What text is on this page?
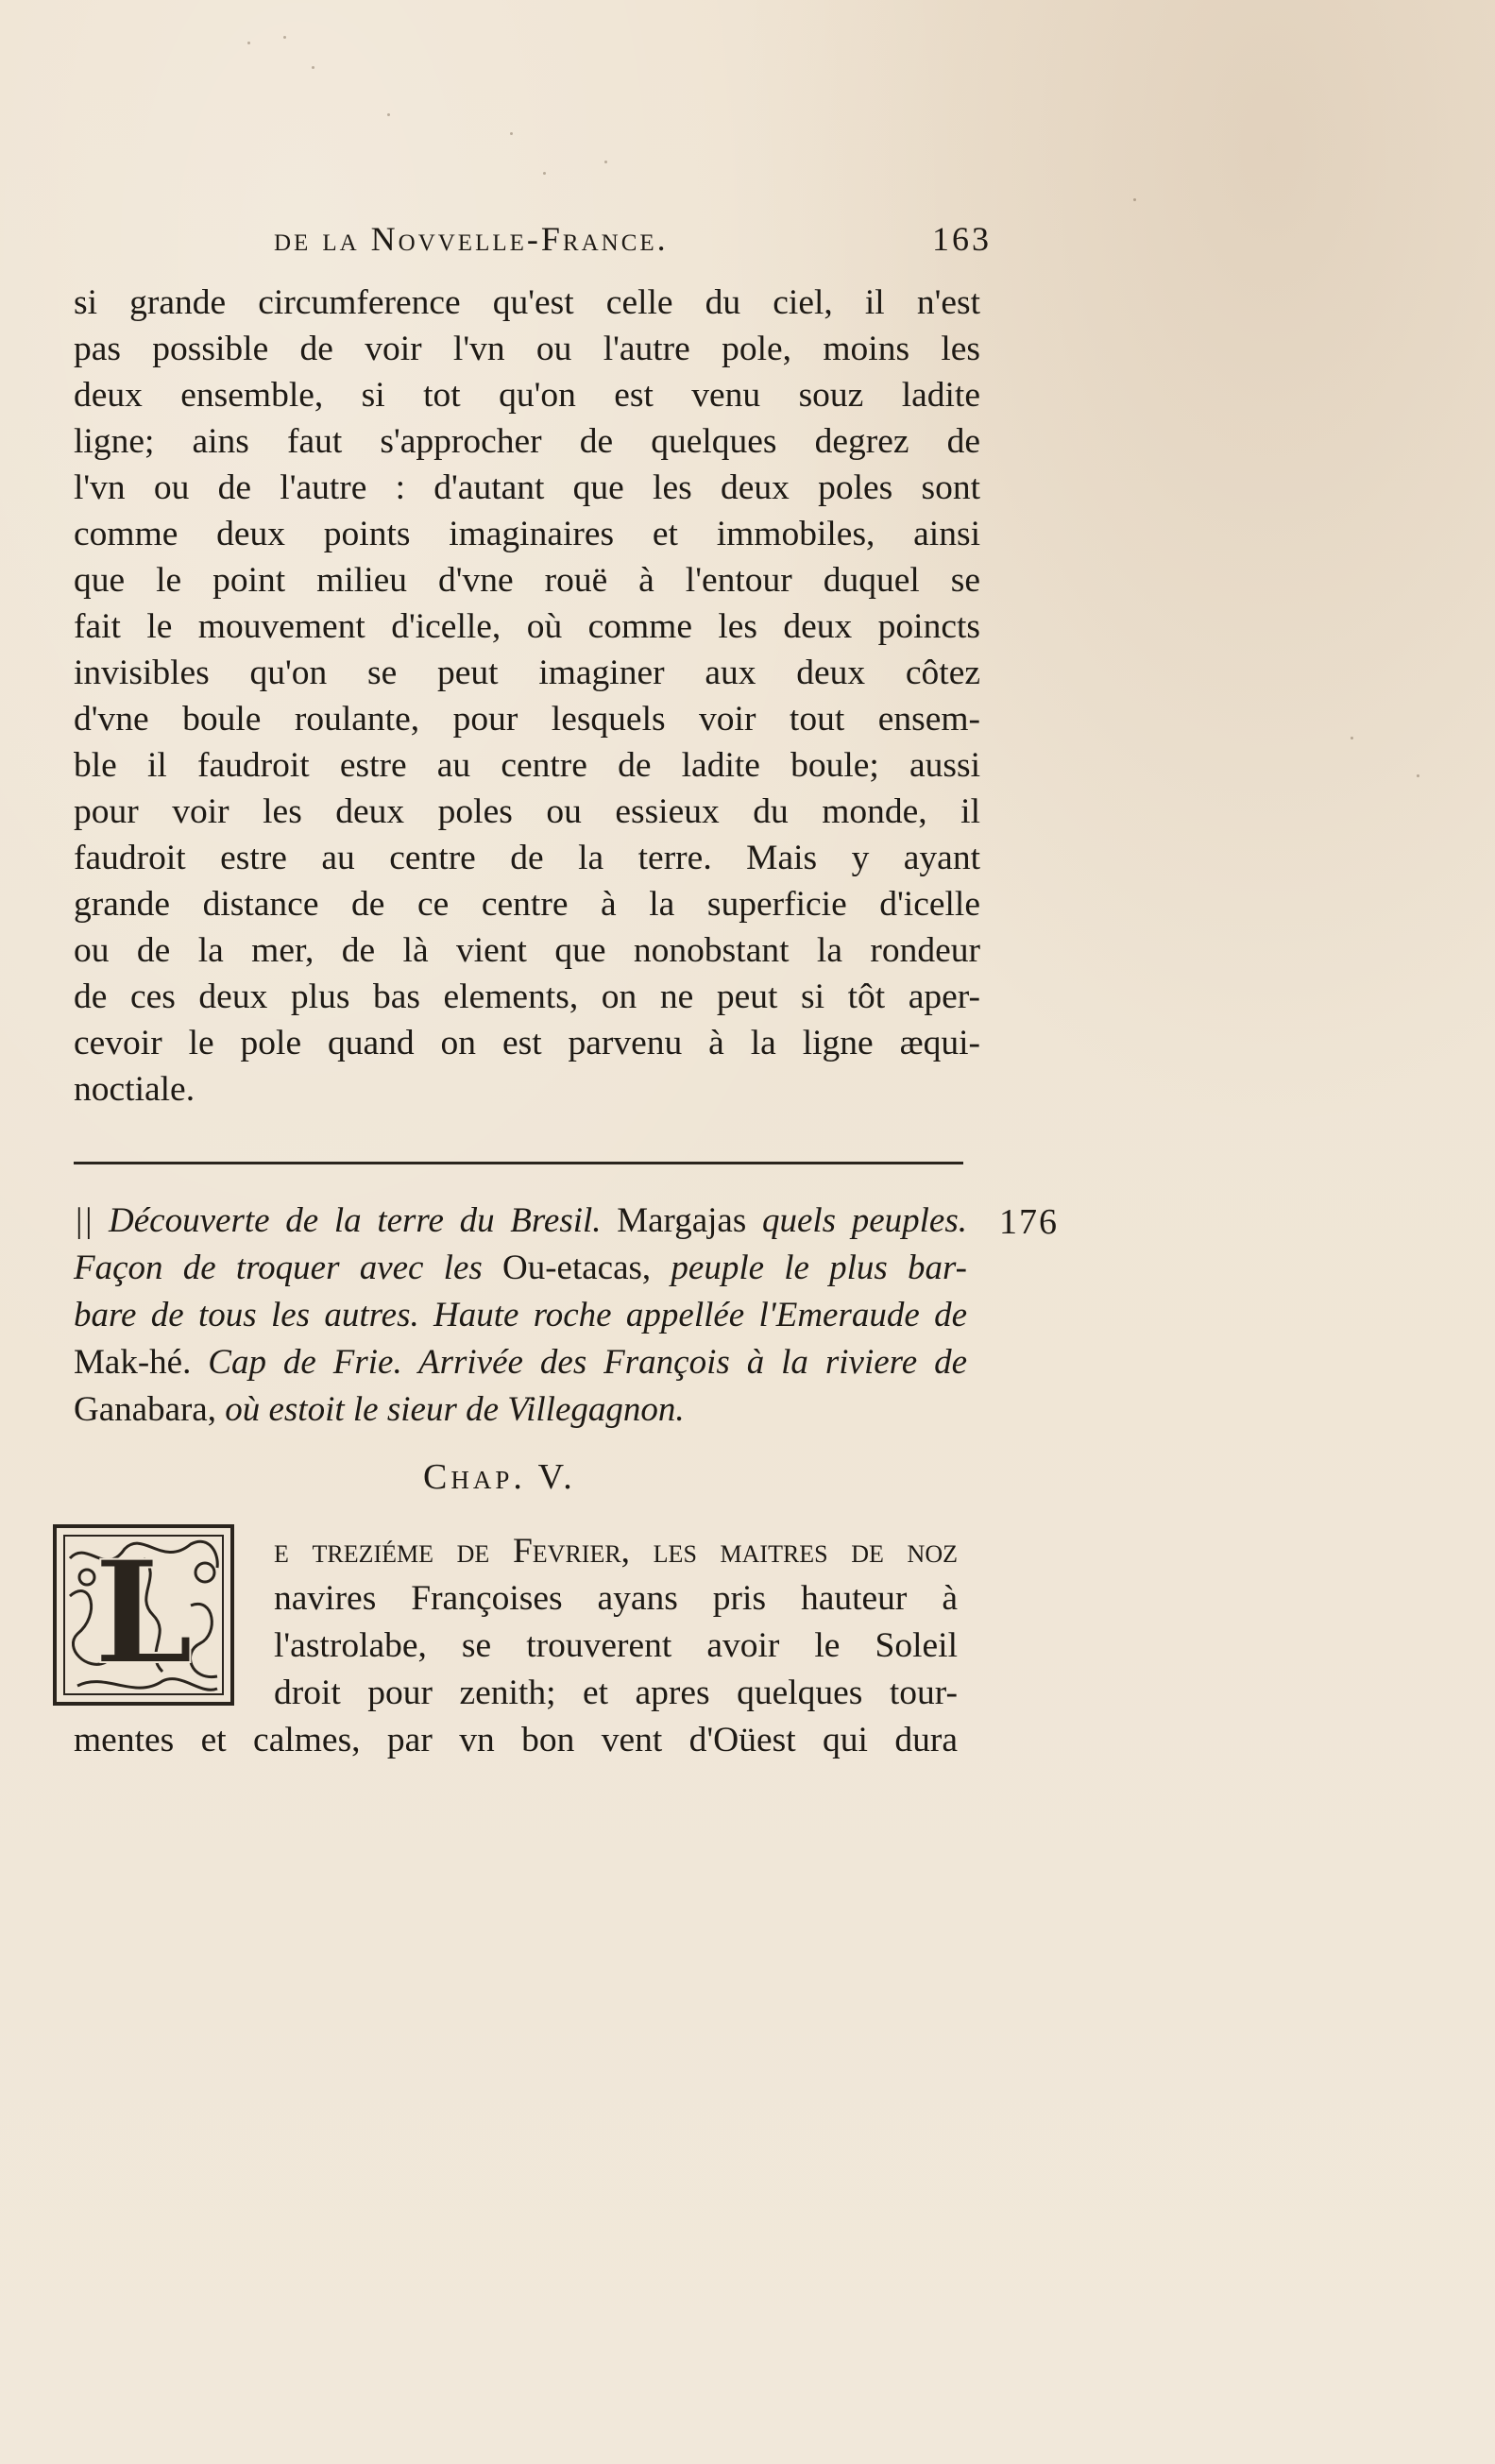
de la Novvelle-France.	163
si grande circumference qu'est celle du ciel, il n'est
pas possible de voir l'vn ou l'autre pole, moins les
deux ensemble, si tot qu'on est venu souz ladite
ligne; ains faut s'approcher de quelques degrez de
l'vn ou de l'autre : d'autant que les deux poles sont
comme deux points imaginaires et immobiles, ainsi
que le point milieu d'vne rouë à l'entour duquel se
fait le mouvement d'icelle, où comme les deux poincts
invisibles qu'on se peut imaginer aux deux côtez
d'vne boule roulante, pour lesquels voir tout ensem-
ble il faudroit estre au centre de ladite boule; aussi
pour voir les deux poles ou essieux du monde, il
faudroit estre au centre de la terre. Mais y ayant
grande distance de ce centre à la superficie d'icelle
ou de la mer, de là vient que nonobstant la rondeur
de ces deux plus bas elements, on ne peut si tôt aper-
cevoir le pole quand on est parvenu à la ligne æqui-
noctiale.
|| Découverte de la terre du Bresil. Margajas quels peuples.
Façon de troquer avec les Ou-etacas, peuple le plus bar-
bare de tous les autres. Haute roche appellée l'Emeraude de
Mak-hé. Cap de Frie. Arrivée des François à la riviere de
Ganabara, où estoit le sieur de Villegagnon.
176
Chap. V.
L	e treziéme de Fevrier, les maitres de noz
navires Françoises ayans pris hauteur à
l'astrolabe, se trouverent avoir le Soleil
droit pour zenith; et apres quelques tour-
mentes et calmes, par vn bon vent d'Oüest qui dura
